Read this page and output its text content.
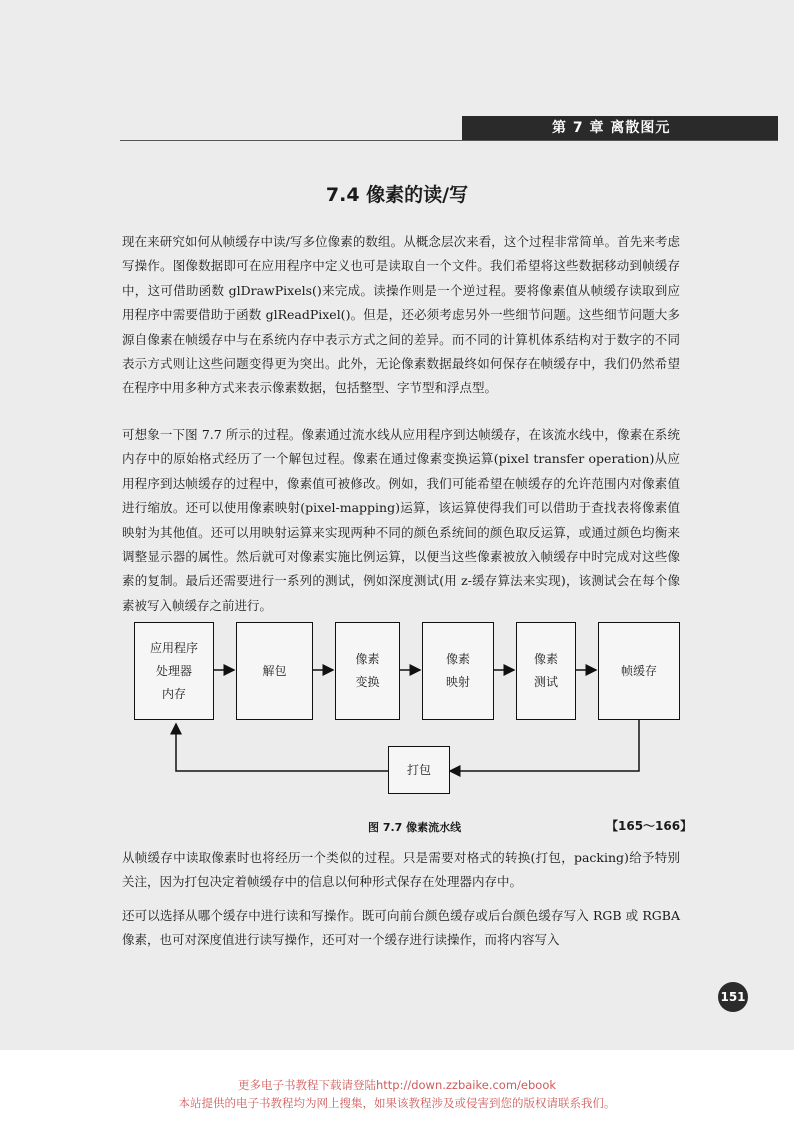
第 7 章 离散图元
7.4 像素的读/写

现在来研究如何从帧缓存中读/写多位像素的数组。从概念层次来看，这个过程非常简单。首先来考虑写操作。图像数据即可在应用程序中定义也可是读取自一个文件。我们希望将这些数据移动到帧缓存中，这可借助函数 glDrawPixels()来完成。读操作则是一个逆过程。要将像素值从帧缓存读取到应用程序中需要借助于函数 glReadPixel()。但是，还必须考虑另外一些细节问题。这些细节问题大多源自像素在帧缓存中与在系统内存中表示方式之间的差异。而不同的计算机体系结构对于数字的不同表示方式则让这些问题变得更为突出。此外，无论像素数据最终如何保存在帧缓存中，我们仍然希望在程序中用多种方式来表示像素数据，包括整型、字节型和浮点型。

可想象一下图 7.7 所示的过程。像素通过流水线从应用程序到达帧缓存，在该流水线中，像素在系统内存中的原始格式经历了一个解包过程。像素在通过像素变换运算(pixel transfer operation)从应用程序到达帧缓存的过程中，像素值可被修改。例如，我们可能希望在帧缓存的允许范围内对像素值进行缩放。还可以使用像素映射(pixel-mapping)运算，该运算使得我们可以借助于查找表将像素值映射为其他值。还可以用映射运算来实现两种不同的颜色系统间的颜色取反运算，或通过颜色均衡来调整显示器的属性。然后就可对像素实施比例运算，以便当这些像素被放入帧缓存中时完成对这些像素的复制。最后还需要进行一系列的测试，例如深度测试(用 z-缓存算法来实现)，该测试会在每个像素被写入帧缓存之前进行。

应用程序
处理器
内存
解包
像素
变换
像素
映射
像素
测试
帧缓存
打包
图 7.7 像素流水线	【165～166】

从帧缓存中读取像素时也将经历一个类似的过程。只是需要对格式的转换(打包，packing)给予特别关注，因为打包决定着帧缓存中的信息以何种形式保存在处理器内存中。

还可以选择从哪个缓存中进行读和写操作。既可向前台颜色缓存或后台颜色缓存写入 RGB 或 RGBA 像素，也可对深度值进行读写操作，还可对一个缓存进行读操作，而将内容写入

151
更多电子书教程下载请登陆http://down.zzbaike.com/ebook
本站提供的电子书教程均为网上搜集，如果该教程涉及或侵害到您的版权请联系我们。
